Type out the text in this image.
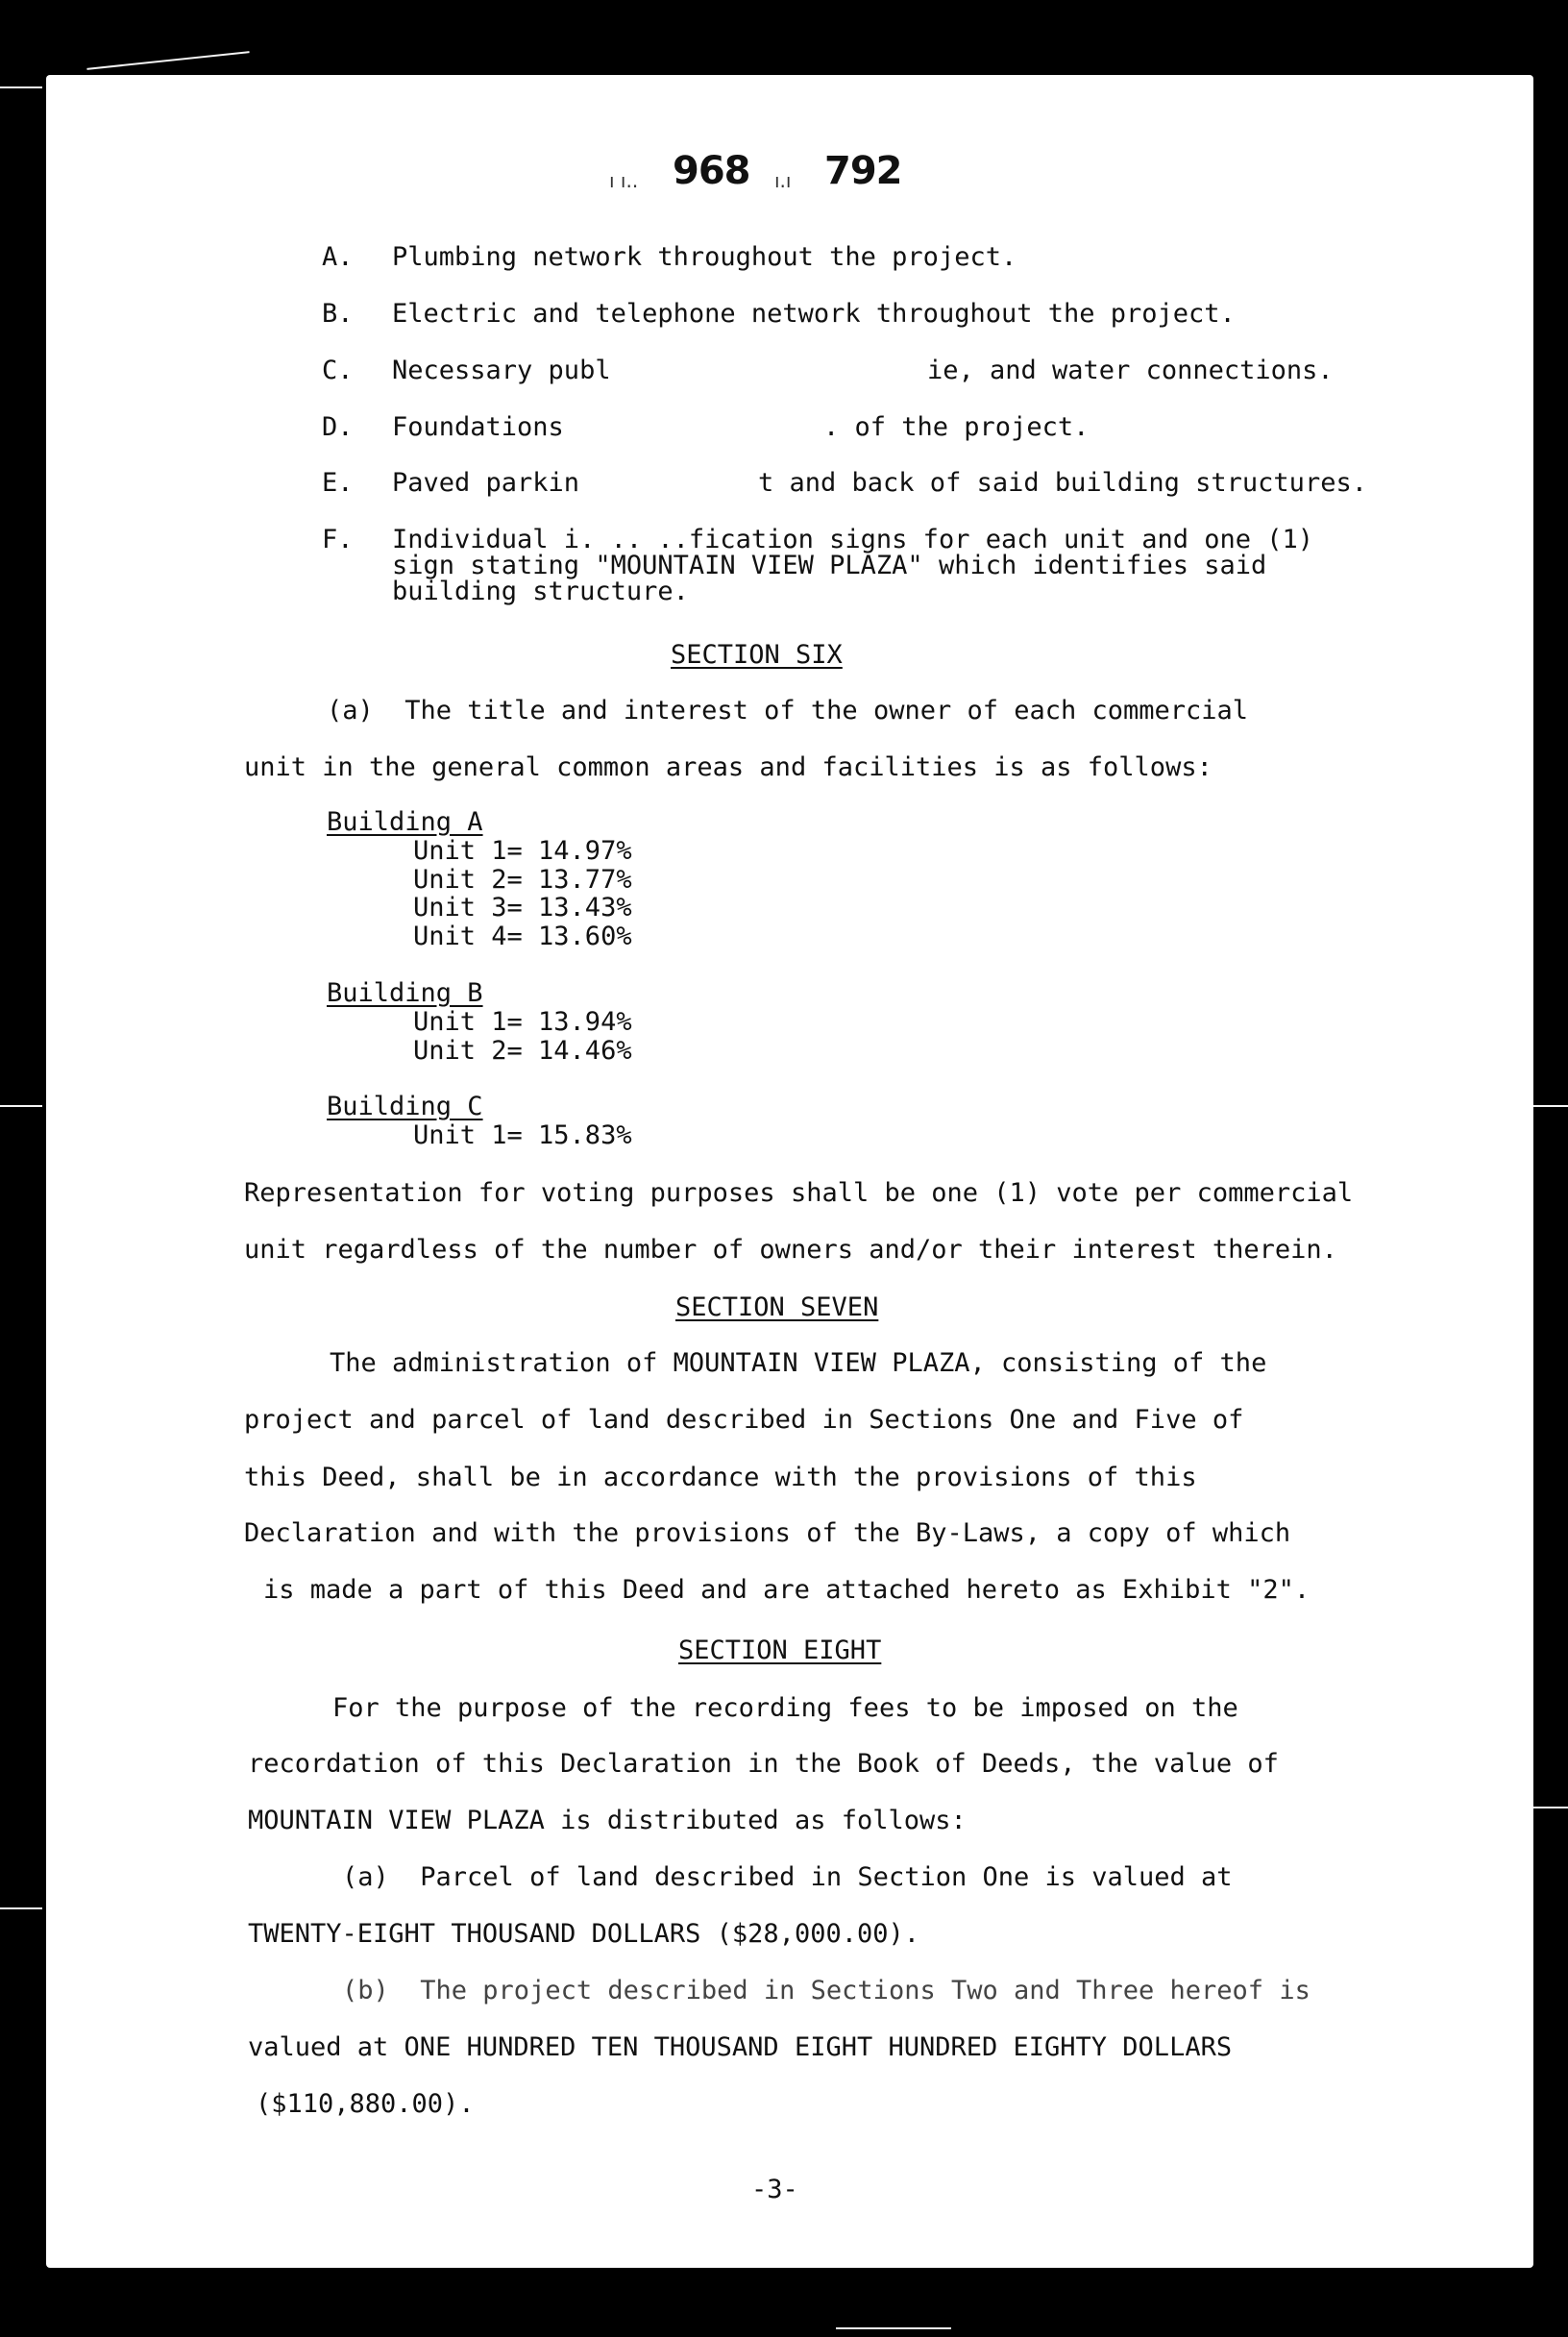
ı ı.. 968 ı.ı 792
A. Plumbing network throughout the project.
B. Electric and telephone network throughout the project.
C. Necessary publ	ie, and water connections.
D. Foundations	. of the project.
E. Paved parkin	t and back of said building structures.
F. Individual i. .. ..fication signs for each unit and one (1)
sign stating "MOUNTAIN VIEW PLAZA" which identifies said
building structure.
SECTION SIX
(a)  The title and interest of the owner of each commercial
unit in the general common areas and facilities is as follows:
Building A
Unit 1= 14.97%
Unit 2= 13.77%
Unit 3= 13.43%
Unit 4= 13.60%
Building B
Unit 1= 13.94%
Unit 2= 14.46%
Building C
Unit 1= 15.83%
Representation for voting purposes shall be one (1) vote per commercial
unit regardless of the number of owners and/or their interest therein.
SECTION SEVEN
The administration of MOUNTAIN VIEW PLAZA, consisting of the
project and parcel of land described in Sections One and Five of
this Deed, shall be in accordance with the provisions of this
Declaration and with the provisions of the By-Laws, a copy of which
is made a part of this Deed and are attached hereto as Exhibit "2".
SECTION EIGHT
For the purpose of the recording fees to be imposed on the
recordation of this Declaration in the Book of Deeds, the value of
MOUNTAIN VIEW PLAZA is distributed as follows:
(a)  Parcel of land described in Section One is valued at
TWENTY-EIGHT THOUSAND DOLLARS ($28,000.00).
(b)  The project described in Sections Two and Three hereof is
valued at ONE HUNDRED TEN THOUSAND EIGHT HUNDRED EIGHTY DOLLARS
($110,880.00).
-3-
